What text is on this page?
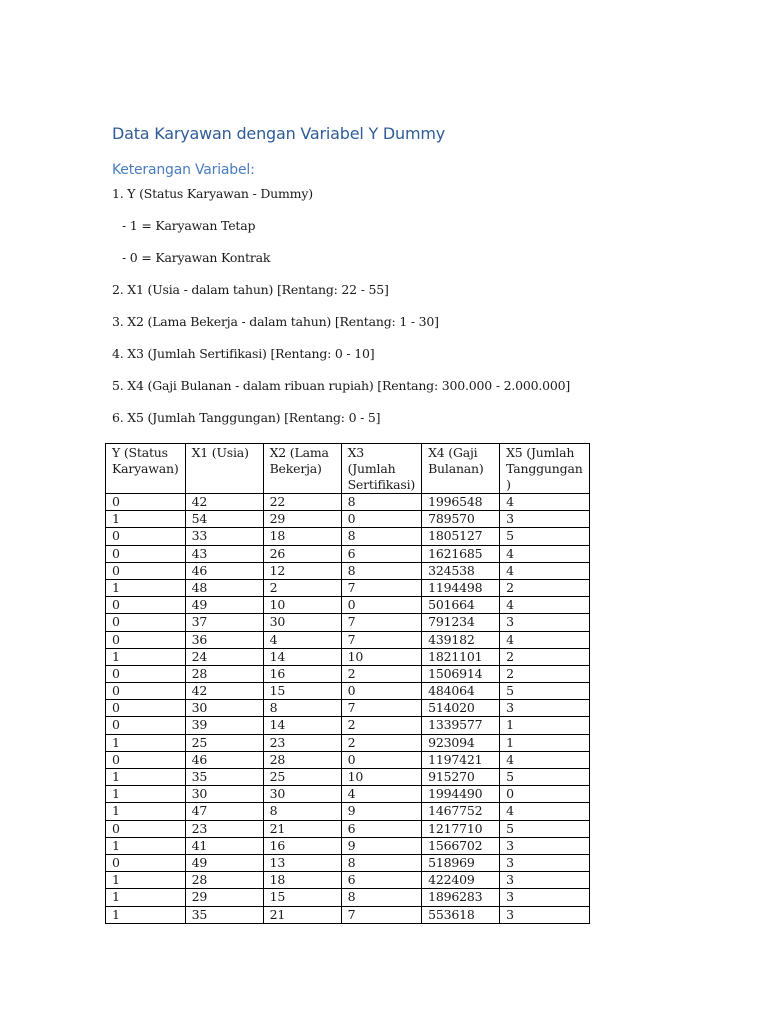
Data Karyawan dengan Variabel Y Dummy
Keterangan Variabel:

1. Y (Status Karyawan - Dummy)

- 1 = Karyawan Tetap

- 0 = Karyawan Kontrak

2. X1 (Usia - dalam tahun) [Rentang: 22 - 55]

3. X2 (Lama Bekerja - dalam tahun) [Rentang: 1 - 30]

4. X3 (Jumlah Sertifikasi) [Rentang: 0 - 10]

5. X4 (Gaji Bulanan - dalam ribuan rupiah) [Rentang: 300.000 - 2.000.000]

6. X5 (Jumlah Tanggungan) [Rentang: 0 - 5]

Y (Status Karyawan)	X1 (Usia)	X2 (Lama Bekerja)	X3 (Jumlah Sertifikasi)	X4 (Gaji Bulanan)	X5 (Jumlah Tanggungan )
0	42	22	8	1996548	4
1	54	29	0	789570	3
0	33	18	8	1805127	5
0	43	26	6	1621685	4
0	46	12	8	324538	4
1	48	2	7	1194498	2
0	49	10	0	501664	4
0	37	30	7	791234	3
0	36	4	7	439182	4
1	24	14	10	1821101	2
0	28	16	2	1506914	2
0	42	15	0	484064	5
0	30	8	7	514020	3
0	39	14	2	1339577	1
1	25	23	2	923094	1
0	46	28	0	1197421	4
1	35	25	10	915270	5
1	30	30	4	1994490	0
1	47	8	9	1467752	4
0	23	21	6	1217710	5
1	41	16	9	1566702	3
0	49	13	8	518969	3
1	28	18	6	422409	3
1	29	15	8	1896283	3
1	35	21	7	553618	3
